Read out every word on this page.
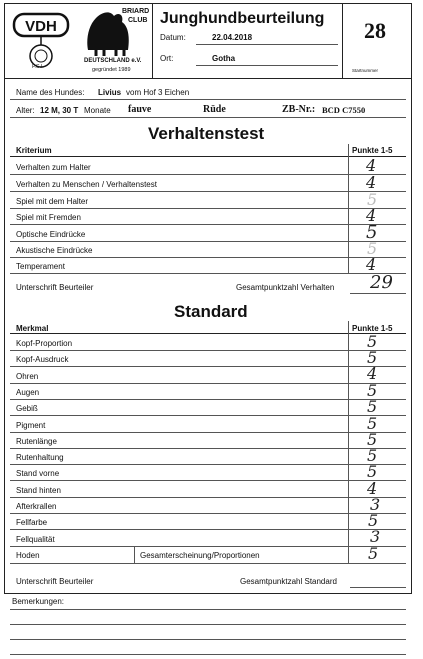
VDH
F.C.I.
BRIARD
CLUB
DEUTSCHLAND e.V.
gegründet 1989
Junghundbeurteilung
Datum:	22.04.2018
Ort:	Gotha
28
Startnummer
Name des Hundes: Livius vom Hof 3 Eichen
Alter: 12 M, 30 T Monate fauve	Rüde	ZB-Nr.: BCD C7550
Verhaltenstest
Kriterium	Punkte 1-5
Verhalten zum Halter	4
Verhalten zu Menschen / Verhaltenstest	4
Spiel mit dem Halter	5
Spiel mit Fremden	4
Optische Eindrücke	5
Akustische Eindrücke	5
Temperament	4
Unterschrift Beurteiler	Gesamtpunktzahl Verhalten 29
Standard
Merkmal	Punkte 1-5
Kopf-Proportion	5
Kopf-Ausdruck	5
Ohren	4
Augen	5
Gebiß	5
Pigment	5
Rutenlänge	5
Rutenhaltung	5
Stand vorne	5
Stand hinten	4
Afterkrallen	3
Fellfarbe	5
Fellqualität	3
Hoden	Gesamterscheinung/Proportionen	5
Unterschrift Beurteiler	Gesamtpunktzahl Standard
Bemerkungen:
